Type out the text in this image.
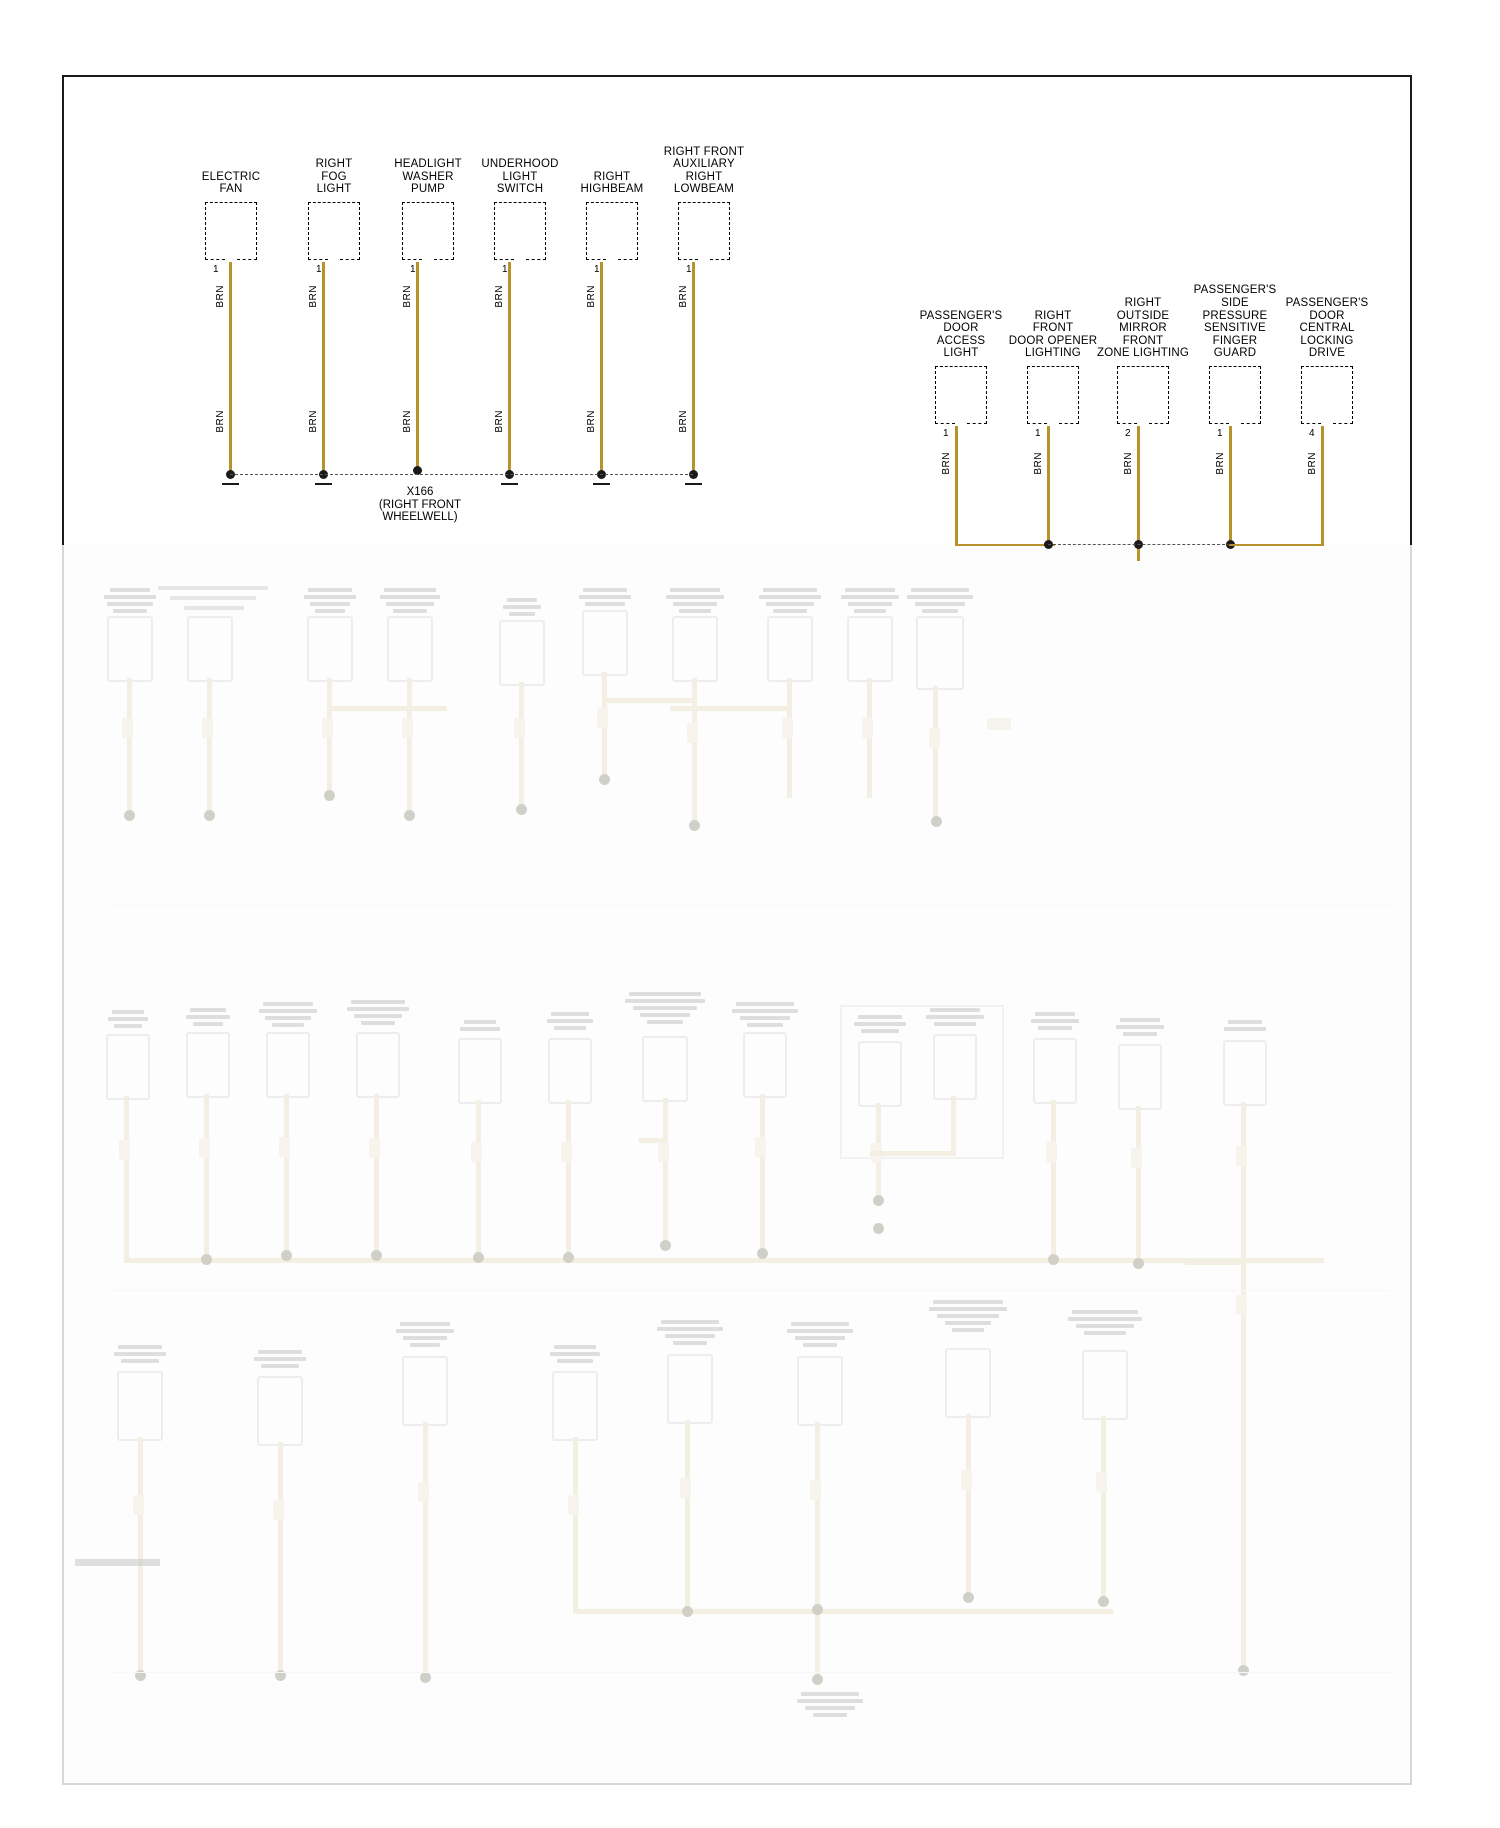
ELECTRIC
FAN
1
BRN
BRN
RIGHT
FOG
LIGHT
1
BRN
BRN
HEADLIGHT
WASHER
PUMP
1
BRN
BRN
X166
(RIGHT FRONT
WHEELWELL)
UNDERHOOD
LIGHT
SWITCH
1
BRN
BRN
RIGHT
HIGHBEAM
1
BRN
BRN
RIGHT FRONT
AUXILIARY
RIGHT
LOWBEAM
1
BRN
BRN
PASSENGER'S
DOOR
ACCESS
LIGHT
1
BRN
RIGHT
FRONT
DOOR OPENER
LIGHTING
1
BRN
RIGHT
OUTSIDE
MIRROR
FRONT
ZONE LIGHTING
2
BRN
PASSENGER'S
SIDE
PRESSURE
SENSITIVE
FINGER
GUARD
1
BRN
PASSENGER'S
DOOR
CENTRAL
LOCKING
DRIVE
4
BRN
